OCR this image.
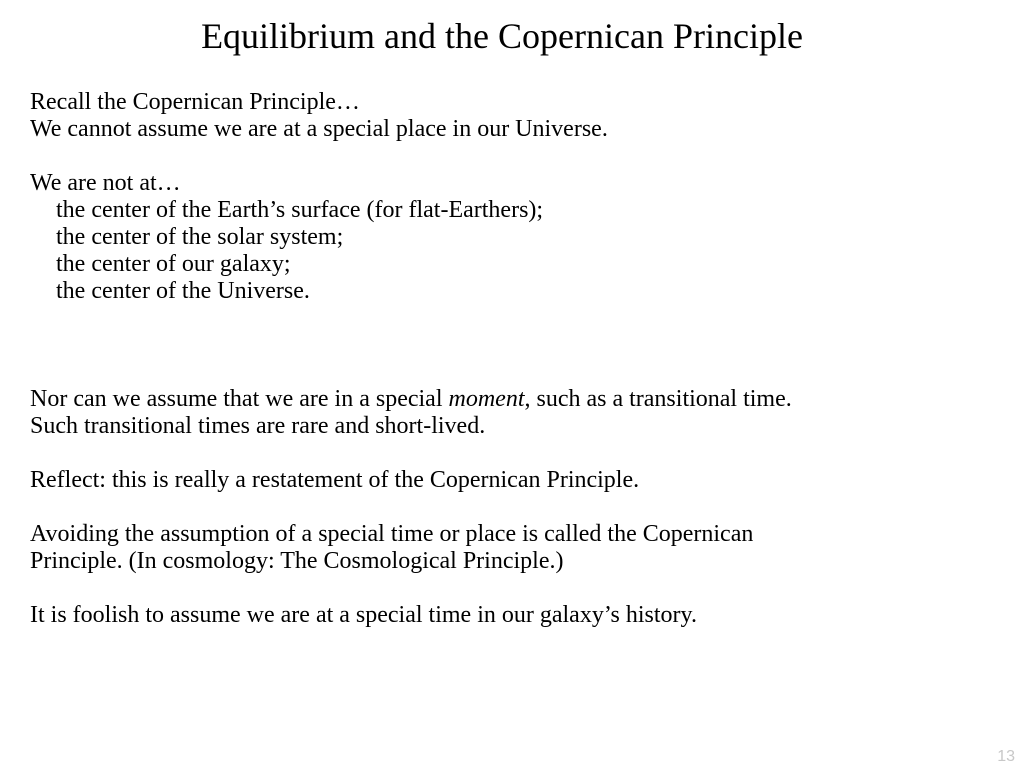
Equilibrium and the Copernican Principle
Recall the Copernican Principle…
We cannot assume we are at a special place in our Universe.
We are not at…
the center of the Earth’s surface (for flat-Earthers);
the center of the solar system;
the center of our galaxy;
the center of the Universe.
Nor can we assume that we are in a special moment, such as a transitional time.
Such transitional times are rare and short-lived.
Reflect: this is really a restatement of the Copernican Principle.
Avoiding the assumption of a special time or place is called the Copernican
Principle. (In cosmology: The Cosmological Principle.)
It is foolish to assume we are at a special time in our galaxy’s history.
13
